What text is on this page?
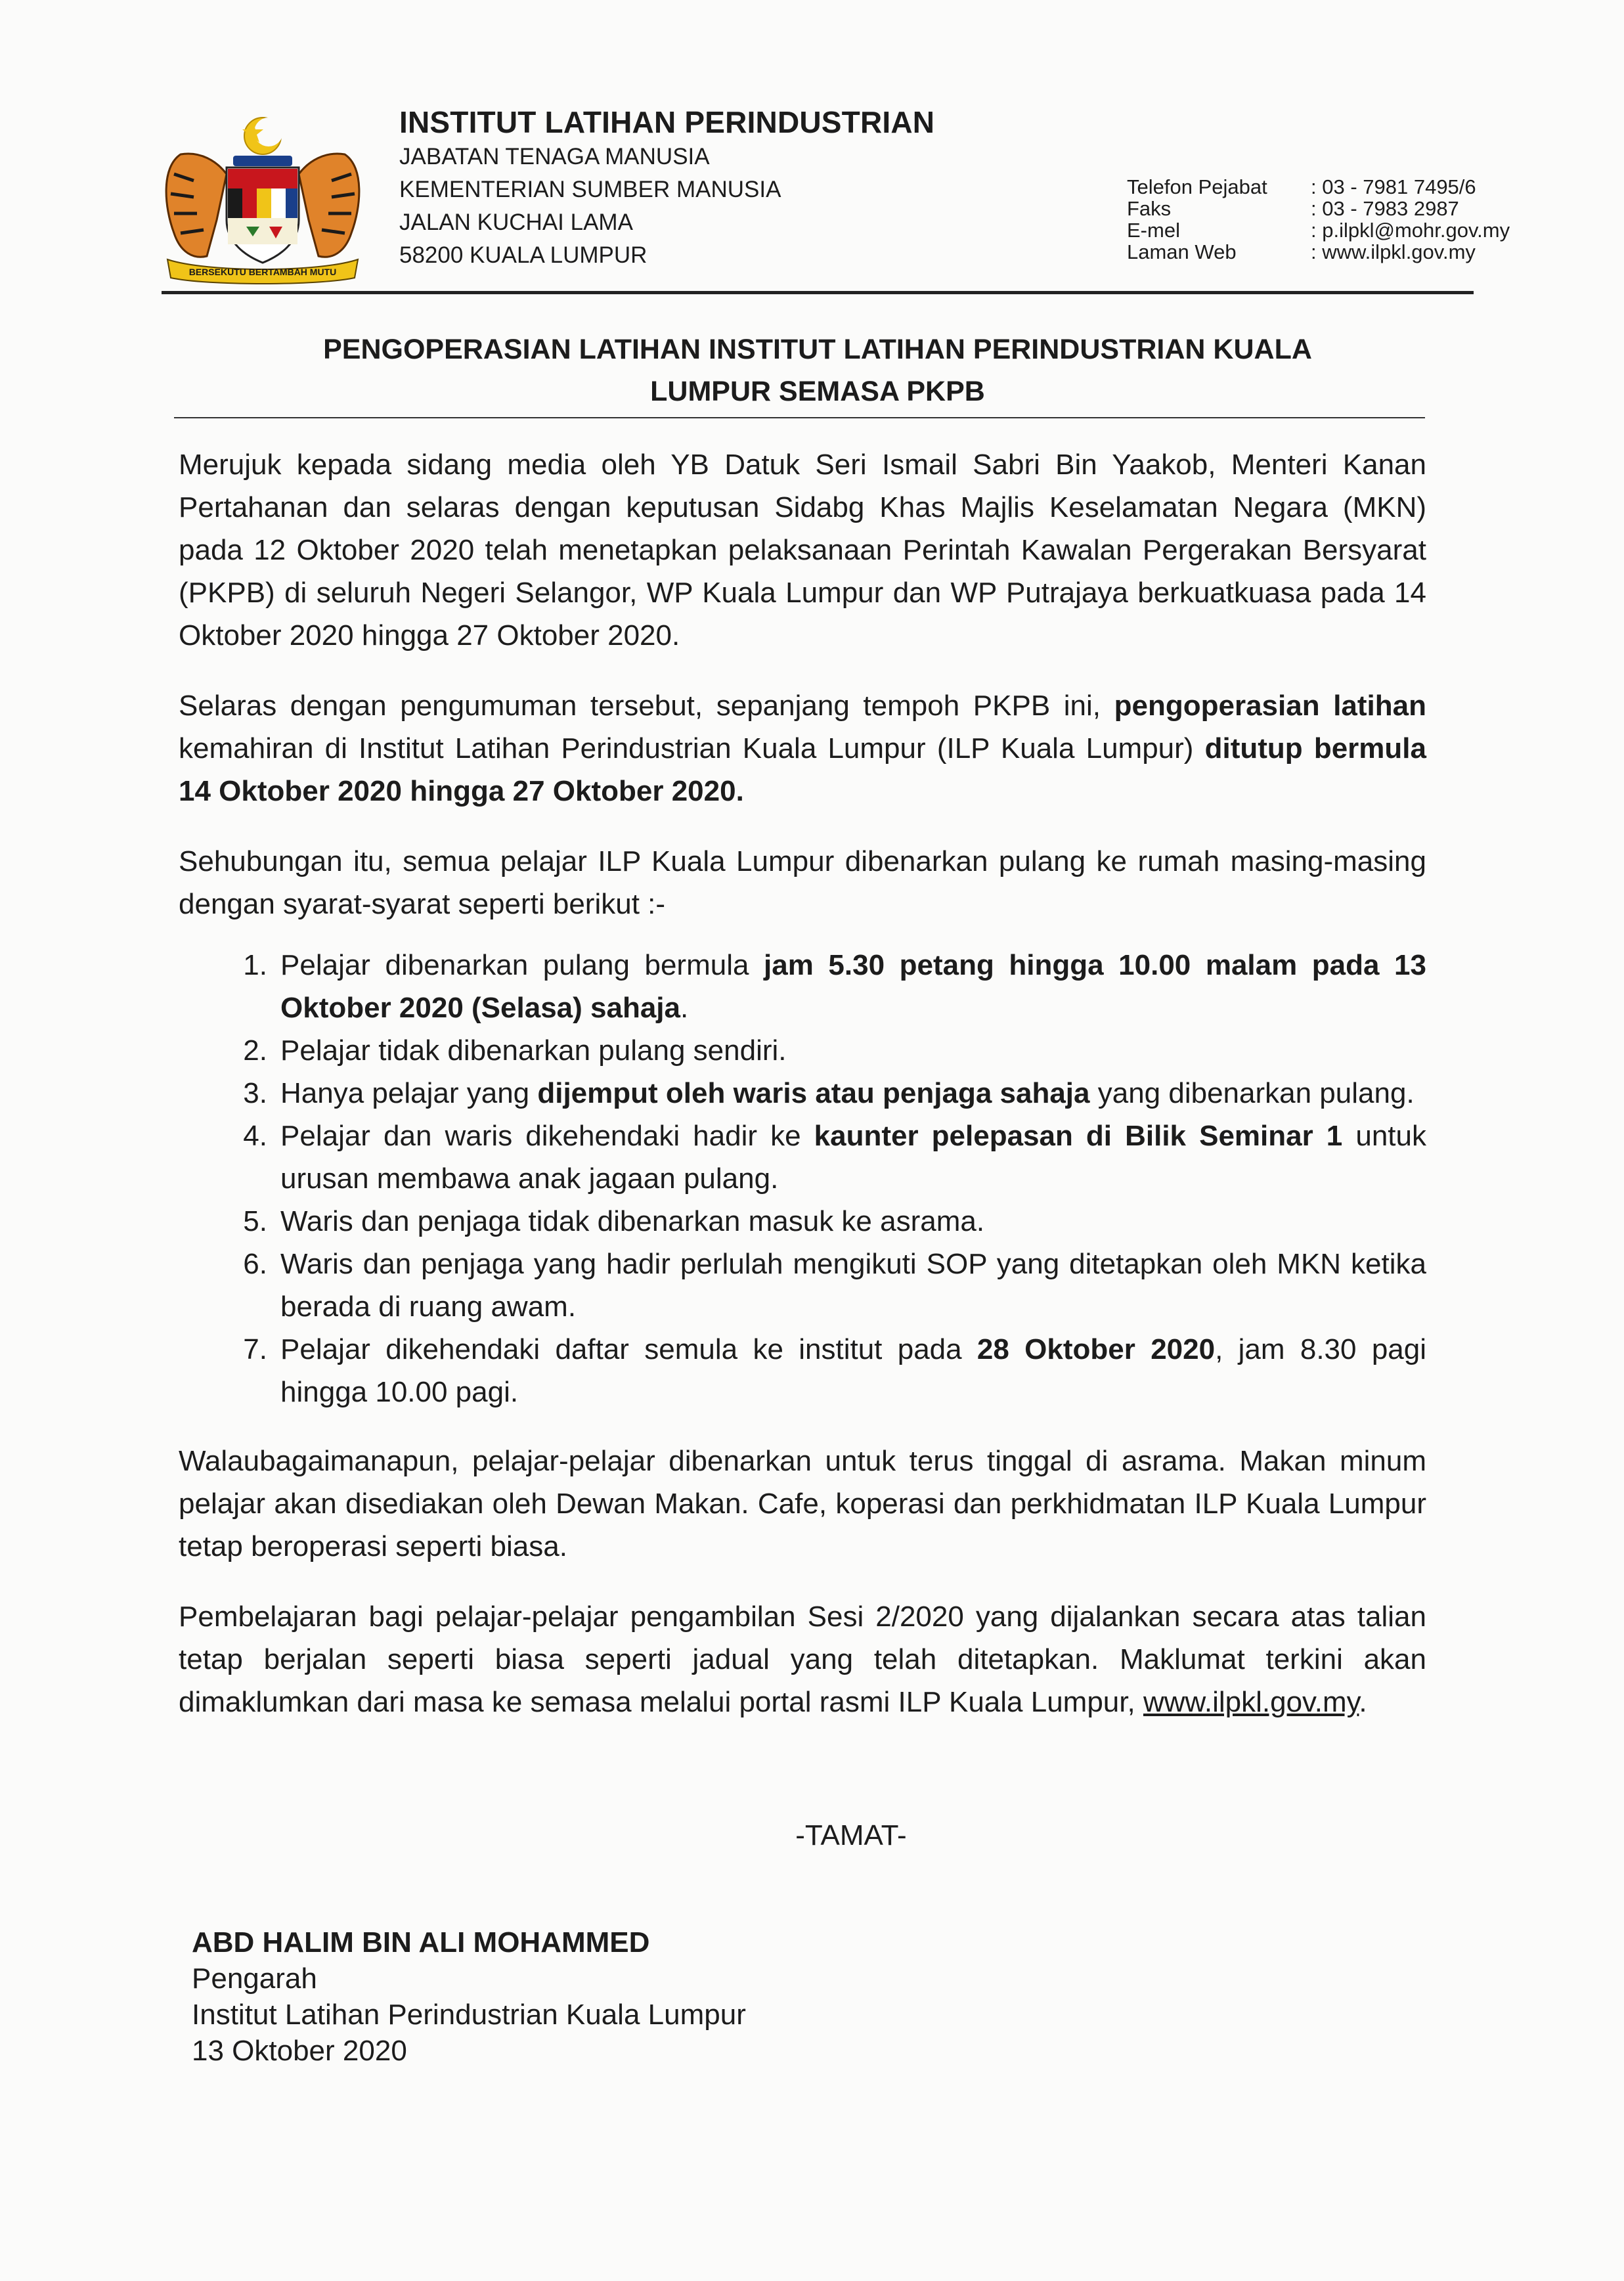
BERSEKUTU BERTAMBAH MUTU
INSTITUT LATIHAN PERINDUSTRIAN
JABATAN TENAGA MANUSIA
KEMENTERIAN SUMBER MANUSIA
JALAN KUCHAI LAMA
58200 KUALA LUMPUR
Telefon Pejabat	: 03 - 7981 7495/6
Faks	: 03 - 7983 2987
E-mel	: p.ilpkl@mohr.gov.my
Laman Web	: www.ilpkl.gov.my
PENGOPERASIAN LATIHAN INSTITUT LATIHAN PERINDUSTRIAN KUALA
LUMPUR SEMASA PKPB

Merujuk kepada sidang media oleh YB Datuk Seri Ismail Sabri Bin Yaakob, Menteri Kanan Pertahanan dan selaras dengan keputusan Sidabg Khas Majlis Keselamatan Negara (MKN) pada 12 Oktober 2020 telah menetapkan pelaksanaan Perintah Kawalan Pergerakan Bersyarat (PKPB) di seluruh Negeri Selangor, WP Kuala Lumpur dan WP Putrajaya berkuatkuasa pada 14 Oktober 2020 hingga 27 Oktober 2020.

Selaras dengan pengumuman tersebut, sepanjang tempoh PKPB ini, pengoperasian latihan kemahiran di Institut Latihan Perindustrian Kuala Lumpur (ILP Kuala Lumpur) ditutup bermula 14 Oktober 2020 hingga 27 Oktober 2020.

Sehubungan itu, semua pelajar ILP Kuala Lumpur dibenarkan pulang ke rumah masing-masing dengan syarat-syarat seperti berikut :-

1. Pelajar dibenarkan pulang bermula jam 5.30 petang hingga 10.00 malam pada 13 Oktober 2020 (Selasa) sahaja.
2. Pelajar tidak dibenarkan pulang sendiri.
3. Hanya pelajar yang dijemput oleh waris atau penjaga sahaja yang dibenarkan pulang.
4. Pelajar dan waris dikehendaki hadir ke kaunter pelepasan di Bilik Seminar 1 untuk urusan membawa anak jagaan pulang.
5. Waris dan penjaga tidak dibenarkan masuk ke asrama.
6. Waris dan penjaga yang hadir perlulah mengikuti SOP yang ditetapkan oleh MKN ketika berada di ruang awam.
7. Pelajar dikehendaki daftar semula ke institut pada 28 Oktober 2020, jam 8.30 pagi hingga 10.00 pagi.

Walaubagaimanapun, pelajar-pelajar dibenarkan untuk terus tinggal di asrama. Makan minum pelajar akan disediakan oleh Dewan Makan. Cafe, koperasi dan perkhidmatan ILP Kuala Lumpur tetap beroperasi seperti biasa.

Pembelajaran bagi pelajar-pelajar pengambilan Sesi 2/2020 yang dijalankan secara atas talian tetap berjalan seperti biasa seperti jadual yang telah ditetapkan. Maklumat terkini akan dimaklumkan dari masa ke semasa melalui portal rasmi ILP Kuala Lumpur, www.ilpkl.gov.my.

-TAMAT-
ABD HALIM BIN ALI MOHAMMED
Pengarah
Institut Latihan Perindustrian Kuala Lumpur
13 Oktober 2020
